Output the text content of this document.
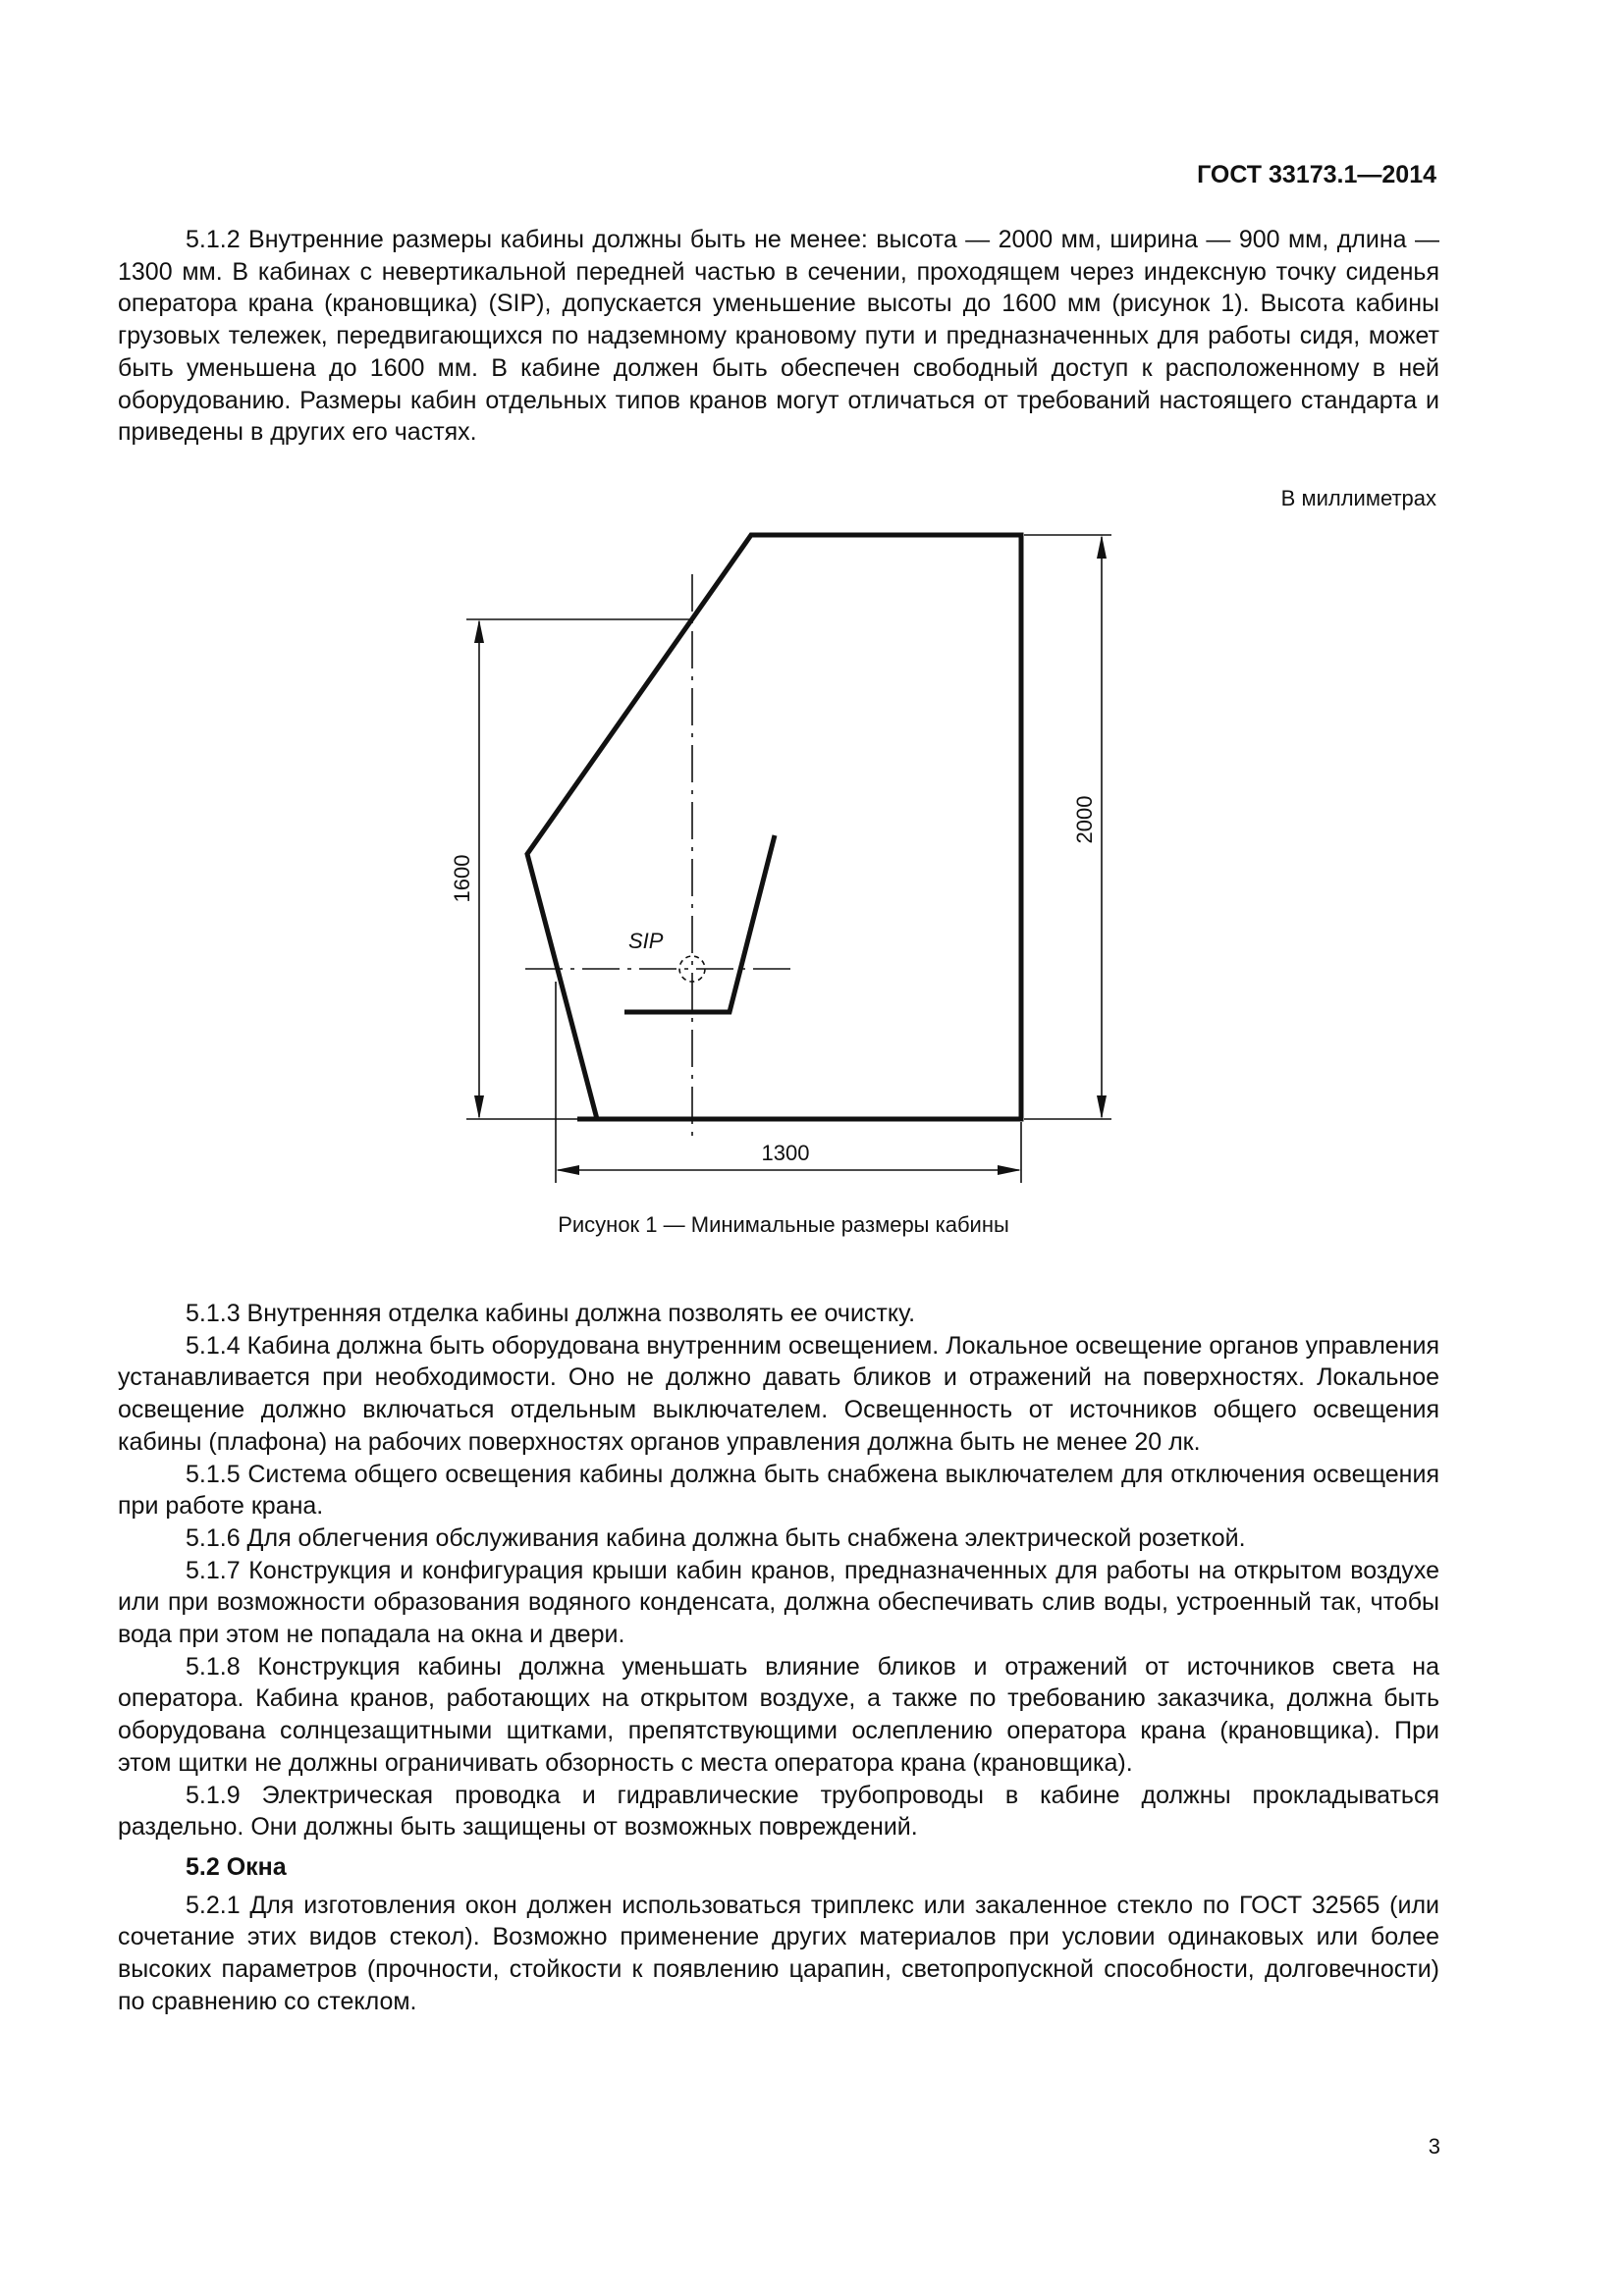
ГОСТ 33173.1—2014

5.1.2 Внутренние размеры кабины должны быть не менее: высота — 2000 мм, ширина — 900 мм, длина — 1300 мм. В кабинах с невертикальной передней частью в сечении, проходящем через индексную точку сиденья оператора крана (крановщика) (SIP), допускается уменьшение высоты до 1600 мм (рисунок 1). Высота кабины грузовых тележек, передвигающихся по надземному крановому пути и предназначенных для работы сидя, может быть уменьшена до 1600 мм. В кабине должен быть обеспечен свободный доступ к расположенному в ней оборудованию. Размеры кабин отдельных типов кранов могут отличаться от требований настоящего стандарта и приведены в других его частях.

В миллиметрах
1600
2000
1300
SIP
Рисунок 1 — Минимальные размеры кабины

5.1.3 Внутренняя отделка кабины должна позволять ее очистку.

5.1.4 Кабина должна быть оборудована внутренним освещением. Локальное освещение органов управления устанавливается при необходимости. Оно не должно давать бликов и отражений на поверхностях. Локальное освещение должно включаться отдельным выключателем. Освещенность от источников общего освещения кабины (плафона) на рабочих поверхностях органов управления должна быть не менее 20 лк.

5.1.5 Система общего освещения кабины должна быть снабжена выключателем для отключения освещения при работе крана.

5.1.6 Для облегчения обслуживания кабина должна быть снабжена электрической розеткой.

5.1.7 Конструкция и конфигурация крыши кабин кранов, предназначенных для работы на открытом воздухе или при возможности образования водяного конденсата, должна обеспечивать слив воды, устроенный так, чтобы вода при этом не попадала на окна и двери.

5.1.8 Конструкция кабины должна уменьшать влияние бликов и отражений от источников света на оператора. Кабина кранов, работающих на открытом воздухе, а также по требованию заказчика, должна быть оборудована солнцезащитными щитками, препятствующими ослеплению оператора крана (крановщика). При этом щитки не должны ограничивать обзорность с места оператора крана (крановщика).

5.1.9 Электрическая проводка и гидравлические трубопроводы в кабине должны прокладываться раздельно. Они должны быть защищены от возможных повреждений.

5.2 Окна

5.2.1 Для изготовления окон должен использоваться триплекс или закаленное стекло по ГОСТ 32565 (или сочетание этих видов стекол). Возможно применение других материалов при условии одинаковых или более высоких параметров (прочности, стойкости к появлению царапин, светопропускной способности, долговечности) по сравнению со стеклом.

3
